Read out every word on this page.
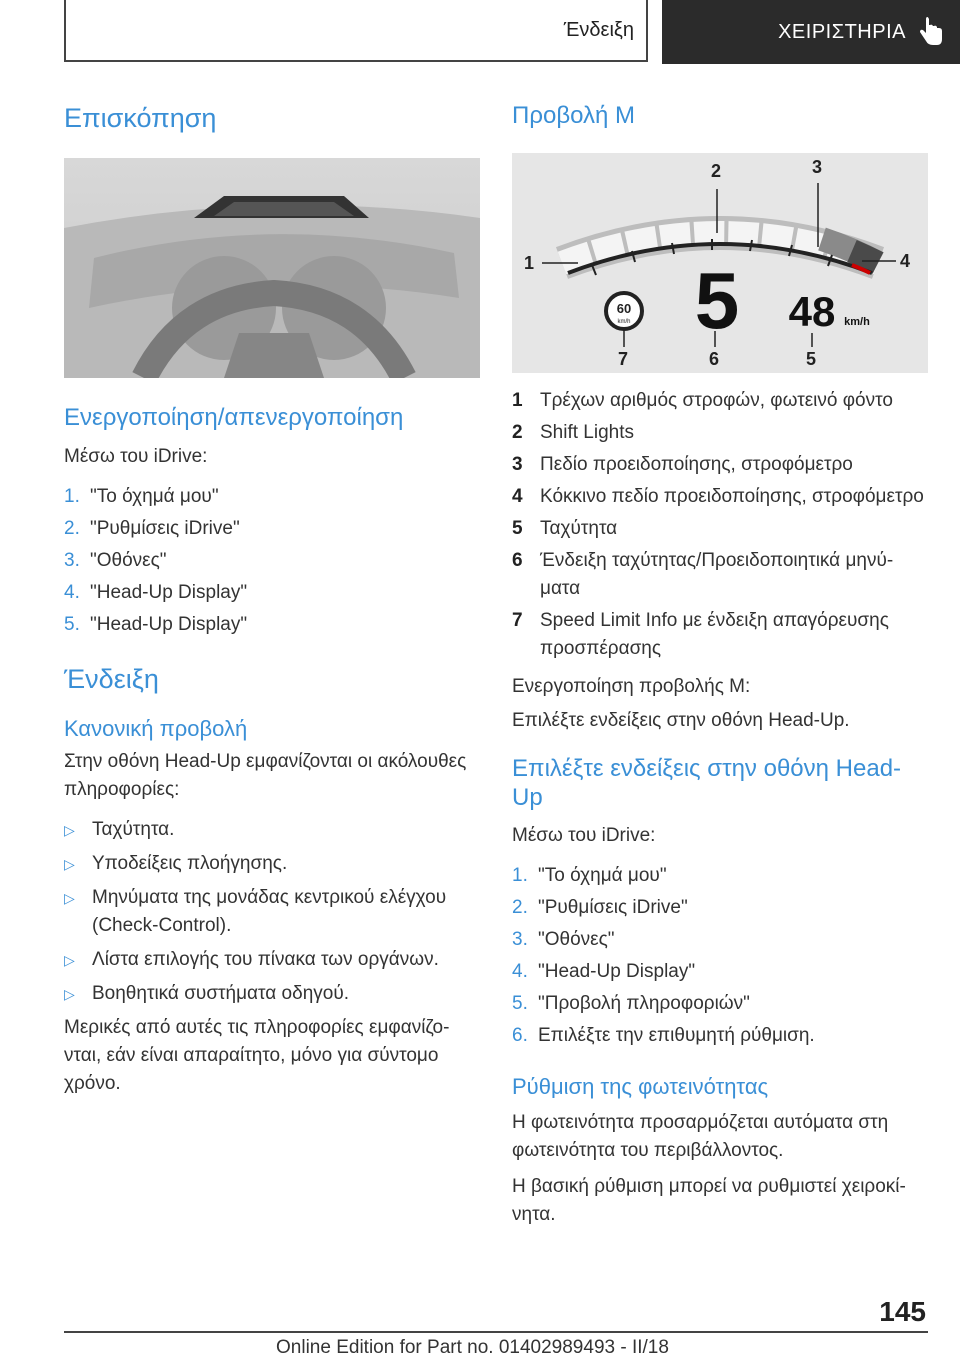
Ένδειξη	ΧΕΙΡΙΣΤΗΡΙΑ
Επισκόπηση
Ενεργοποίηση/απενεργοποίηση

Μέσω του iDrive:

1. "Το όχημά μου"
2. "Ρυθμίσεις iDrive"
3. "Οθόνες"
4. "Head-Up Display"
5. "Head-Up Display"
Ένδειξη
Κανονική προβολή

Στην οθόνη Head-Up εμφανίζονται οι ακόλουθες πληροφορίες:

▷ Ταχύτητα.
▷ Υποδείξεις πλοήγησης.
▷ Μηνύματα της μονάδας κεντρικού ελέγχου (Check-Control).
▷ Λίστα επιλογής του πίνακα των οργάνων.
▷ Βοηθητικά συστήματα οδηγού.

Μερικές από αυτές τις πληροφορίες εμφανίζο-νται, εάν είναι απαραίτητο, μόνο για σύντομο χρόνο.

Προβολή M
60
km/h 5 48 km/h
1
2	3
4
5
6
7
1 Τρέχων αριθμός στροφών, φωτεινό φόντο
2 Shift Lights
3 Πεδίο προειδοποίησης, στροφόμετρο
4 Κόκκινο πεδίο προειδοποίησης, στροφόμετρο
5 Ταχύτητα
6 Ένδειξη ταχύτητας/Προειδοποιητικά μηνύ-ματα
7 Speed Limit Info με ένδειξη απαγόρευσης προσπέρασης

Ενεργοποίηση προβολής M:

Επιλέξτε ενδείξεις στην οθόνη Head-Up.

Επιλέξτε ενδείξεις στην οθόνη Head-Up

Μέσω του iDrive:

1. "Το όχημά μου"
2. "Ρυθμίσεις iDrive"
3. "Οθόνες"
4. "Head-Up Display"
5. "Προβολή πληροφοριών"
6. Επιλέξτε την επιθυμητή ρύθμιση.
Ρύθμιση της φωτεινότητας

Η φωτεινότητα προσαρμόζεται αυτόματα στη φωτεινότητα του περιβάλλοντος.

Η βασική ρύθμιση μπορεί να ρυθμιστεί χειροκί-νητα.

145
Online Edition for Part no. 01402989493 - II/18
